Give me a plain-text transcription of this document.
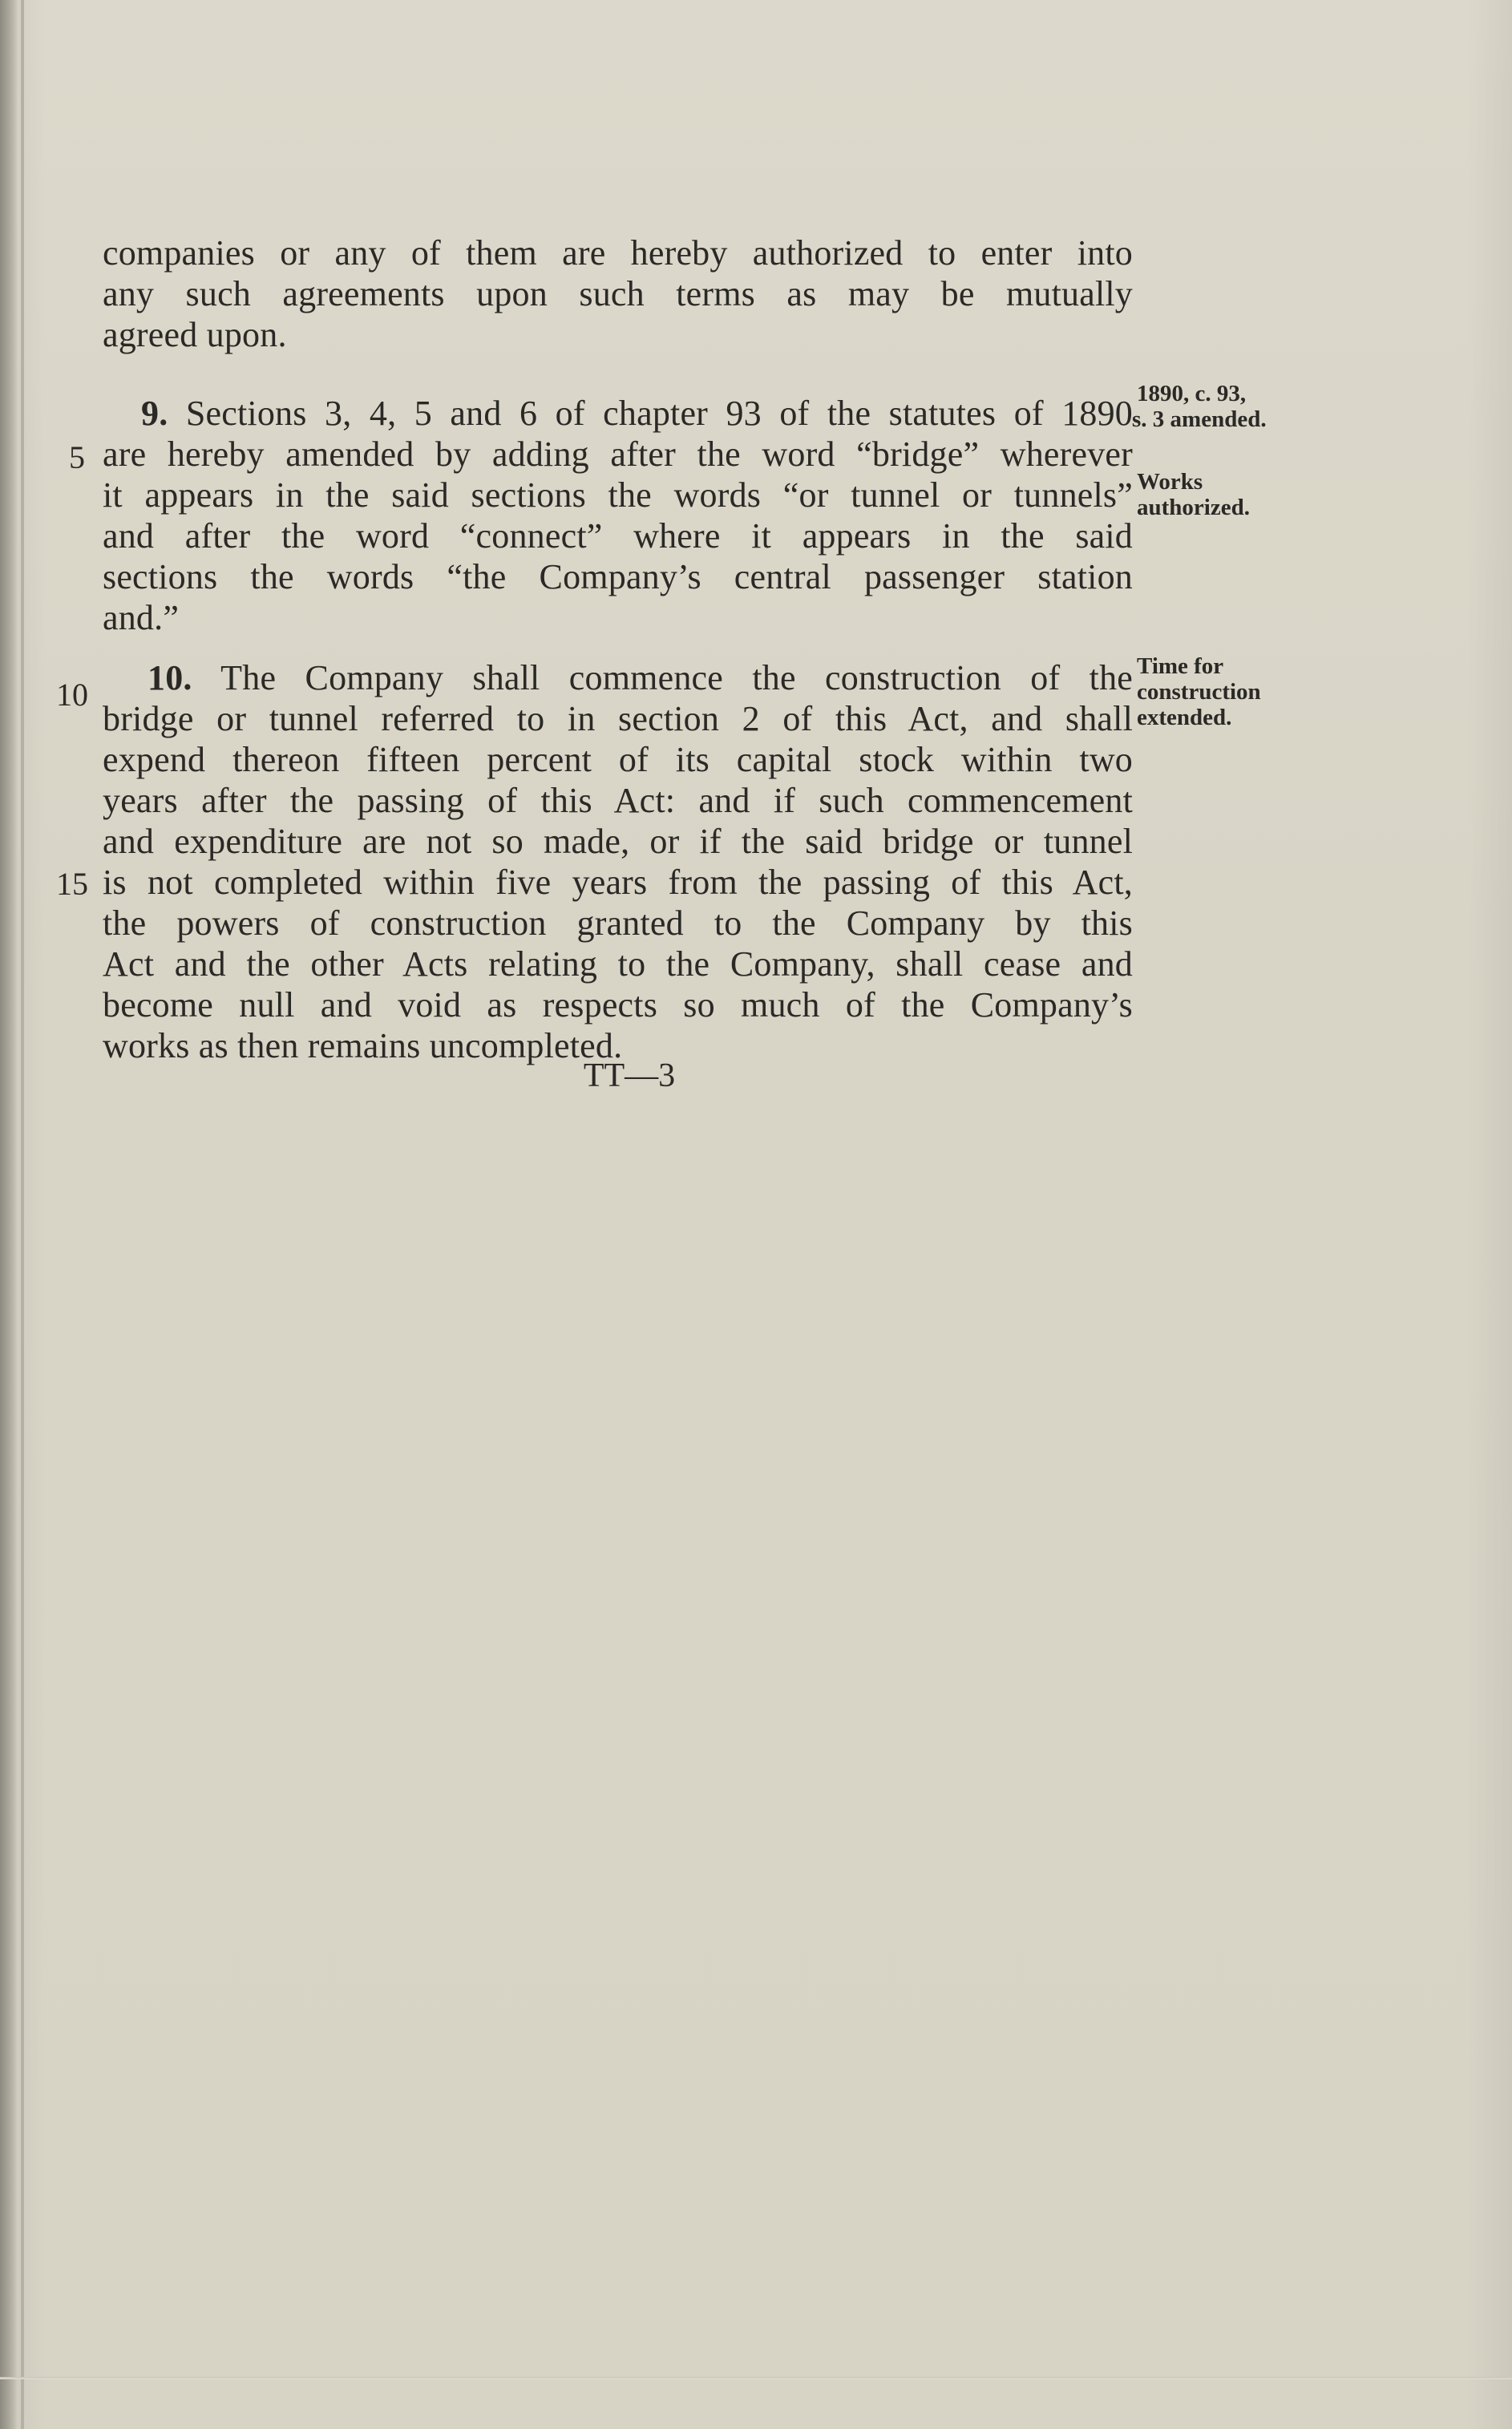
companies or any of them are hereby authorized to enter into
any such agreements upon such terms as may be mutually
agreed upon.
9. Sections 3, 4, 5 and 6 of chapter 93 of the statutes of 1890
are hereby amended by adding after the word “bridge” wherever
it appears in the said sections the words “or tunnel or tunnels”
and after the word “connect” where it appears in the said
sections the words “the Company’s central passenger station
and.”
1890, c. 93,
s. 3 amended.
Works
authorized.
10. The Company shall commence the construction of the
bridge or tunnel referred to in section 2 of this Act, and shall
expend thereon fifteen percent of its capital stock within two
years after the passing of this Act: and if such commencement
and expenditure are not so made, or if the said bridge or tunnel
is not completed within five years from the passing of this Act,
the powers of construction granted to the Company by this
Act and the other Acts relating to the Company, shall cease and
become null and void as respects so much of the Company’s
works as then remains uncompleted.
Time for
construction
extended.
5
10
15
TT—3
